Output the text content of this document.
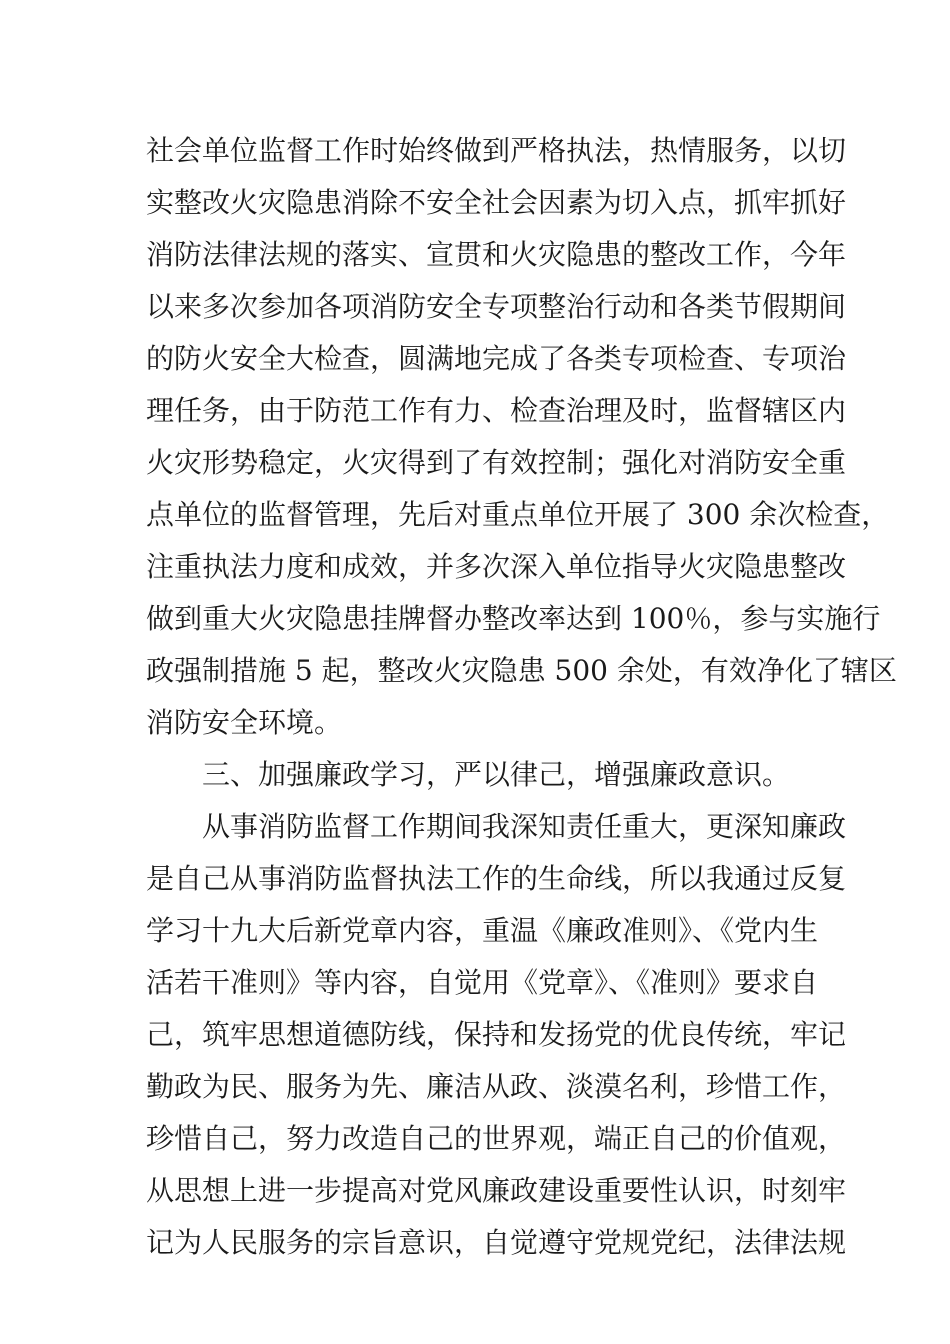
社会单位监督工作时始终做到严格执法，热情服务，以切
实整改火灾隐患消除不安全社会因素为切入点，抓牢抓好
消防法律法规的落实、宣贯和火灾隐患的整改工作，今年
以来多次参加各项消防安全专项整治行动和各类节假期间
的防火安全大检查，圆满地完成了各类专项检查、专项治
理任务，由于防范工作有力、检查治理及时，监督辖区内
火灾形势稳定，火灾得到了有效控制；强化对消防安全重
点单位的监督管理，先后对重点单位开展了 300 余次检查，
注重执法力度和成效，并多次深入单位指导火灾隐患整改
做到重大火灾隐患挂牌督办整改率达到 100％，参与实施行
政强制措施 5 起，整改火灾隐患 500 余处，有效净化了辖区
消防安全环境。
三、加强廉政学习，严以律己，增强廉政意识。
从事消防监督工作期间我深知责任重大，更深知廉政
是自己从事消防监督执法工作的生命线，所以我通过反复
学习十九大后新党章内容，重温《廉政准则》、《党内生
活若干准则》等内容，自觉用《党章》、《准则》要求自
己，筑牢思想道德防线，保持和发扬党的优良传统，牢记
勤政为民、服务为先、廉洁从政、淡漠名利，珍惜工作，
珍惜自己，努力改造自己的世界观，端正自己的价值观，
从思想上进一步提高对党风廉政建设重要性认识，时刻牢
记为人民服务的宗旨意识，自觉遵守党规党纪，法律法规
